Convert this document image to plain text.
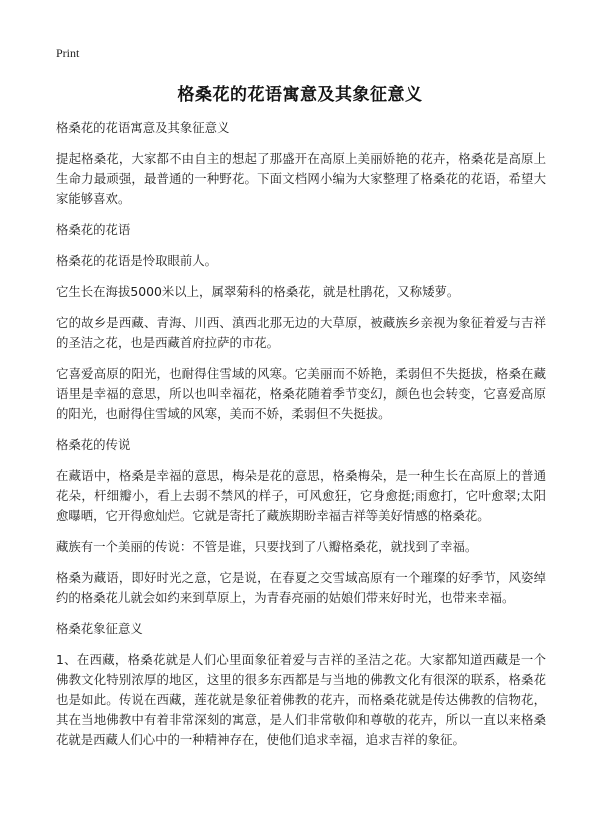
Print
格桑花的花语寓意及其象征意义
格桑花的花语寓意及其象征意义
提起格桑花，大家都不由自主的想起了那盛开在高原上美丽娇艳的花卉，格桑花是高原上生命力最顽强，最普通的一种野花。下面文档网小编为大家整理了格桑花的花语，希望大家能够喜欢。
格桑花的花语
格桑花的花语是怜取眼前人。
它生长在海拔5000米以上，属翠菊科的格桑花，就是杜鹃花，又称矮萝。
它的故乡是西藏、青海、川西、滇西北那无边的大草原，被藏族乡亲视为象征着爱与吉祥的圣洁之花，也是西藏首府拉萨的市花。
它喜爱高原的阳光，也耐得住雪域的风寒。它美丽而不娇艳，柔弱但不失挺拔，格桑在藏语里是幸福的意思，所以也叫幸福花，格桑花随着季节变幻，颜色也会转变，它喜爱高原的阳光，也耐得住雪域的风寒，美而不娇，柔弱但不失挺拔。
格桑花的传说
在藏语中，格桑是幸福的意思，梅朵是花的意思，格桑梅朵，是一种生长在高原上的普通花朵，杆细瓣小，看上去弱不禁风的样子，可风愈狂，它身愈挺;雨愈打，它叶愈翠;太阳愈曝晒，它开得愈灿烂。它就是寄托了藏族期盼幸福吉祥等美好情感的格桑花。
藏族有一个美丽的传说：不管是谁，只要找到了八瓣格桑花，就找到了幸福。
格桑为藏语，即好时光之意，它是说，在春夏之交雪域高原有一个璀璨的好季节，风姿绰约的格桑花儿就会如约来到草原上，为青春亮丽的姑娘们带来好时光，也带来幸福。
格桑花象征意义
1、在西藏，格桑花就是人们心里面象征着爱与吉祥的圣洁之花。大家都知道西藏是一个佛教文化特别浓厚的地区，这里的很多东西都是与当地的佛教文化有很深的联系，格桑花也是如此。传说在西藏，莲花就是象征着佛教的花卉，而格桑花就是传达佛教的信物花，其在当地佛教中有着非常深刻的寓意，是人们非常敬仰和尊敬的花卉，所以一直以来格桑花就是西藏人们心中的一种精神存在，使他们追求幸福，追求吉祥的象征。
